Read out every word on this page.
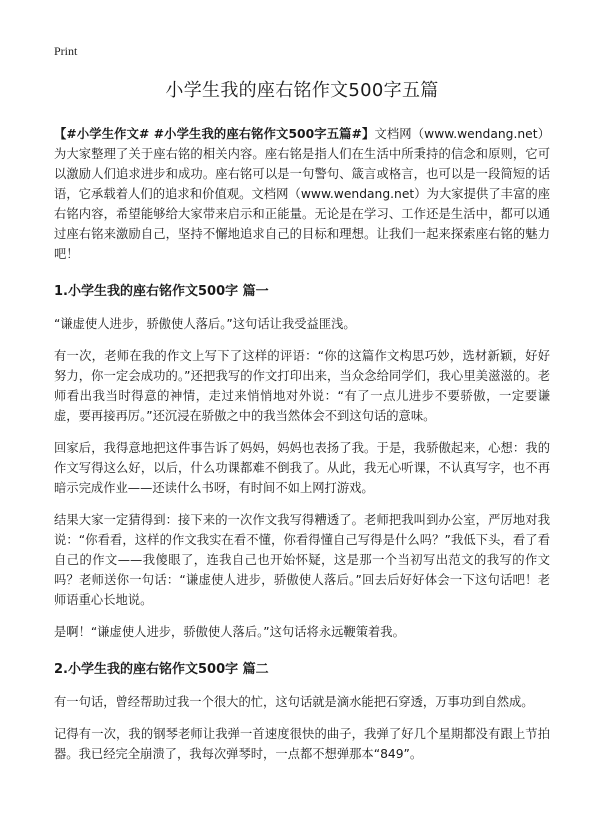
Print
小学生我的座右铭作文500字五篇

【#小学生作文# #小学生我的座右铭作文500字五篇#】文档网（www.wendang.net）为大家整理了关于座右铭的相关内容。座右铭是指人们在生活中所秉持的信念和原则，它可以激励人们追求进步和成功。座右铭可以是一句警句、箴言或格言，也可以是一段简短的话语，它承载着人们的追求和价值观。文档网（www.wendang.net）为大家提供了丰富的座右铭内容，希望能够给大家带来启示和正能量。无论是在学习、工作还是生活中，都可以通过座右铭来激励自己，坚持不懈地追求自己的目标和理想。让我们一起来探索座右铭的魅力吧！

1.小学生我的座右铭作文500字 篇一

“谦虚使人进步，骄傲使人落后。”这句话让我受益匪浅。

有一次，老师在我的作文上写下了这样的评语：“你的这篇作文构思巧妙，选材新颖，好好努力，你一定会成功的。”还把我写的作文打印出来，当众念给同学们，我心里美滋滋的。老师看出我当时得意的神情，走过来悄悄地对外说：“有了一点儿进步不要骄傲，一定要谦虚，要再接再厉。”还沉浸在骄傲之中的我当然体会不到这句话的意味。

回家后，我得意地把这件事告诉了妈妈，妈妈也表扬了我。于是，我骄傲起来，心想：我的作文写得这么好，以后，什么功课都难不倒我了。从此，我无心听课，不认真写字，也不再暗示完成作业——还读什么书呀，有时间不如上网打游戏。

结果大家一定猜得到：接下来的一次作文我写得糟透了。老师把我叫到办公室，严厉地对我说：“你看看，这样的作文我实在看不懂，你看得懂自己写得是什么吗？”我低下头，看了看自己的作文——我傻眼了，连我自己也开始怀疑，这是那一个当初写出范文的我写的作文吗？老师送你一句话：“谦虚使人进步，骄傲使人落后。”回去后好好体会一下这句话吧！老师语重心长地说。

是啊！“谦虚使人进步，骄傲使人落后。”这句话将永远鞭策着我。

2.小学生我的座右铭作文500字 篇二

有一句话，曾经帮助过我一个很大的忙，这句话就是滴水能把石穿透，万事功到自然成。

记得有一次，我的钢琴老师让我弹一首速度很快的曲子，我弹了好几个星期都没有跟上节拍器。我已经完全崩溃了，我每次弹琴时，一点都不想弹那本“849”。
